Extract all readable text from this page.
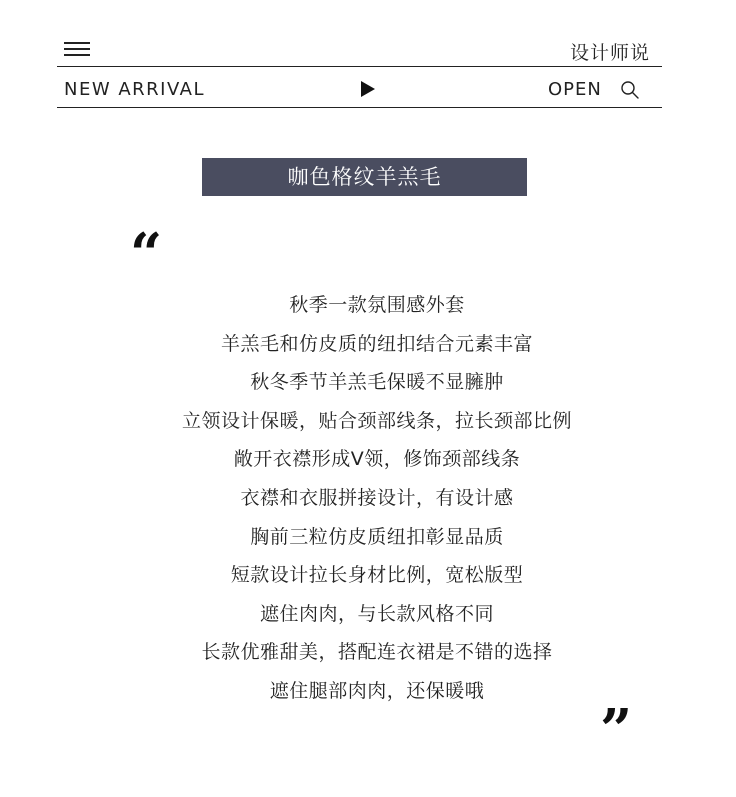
设计师说
NEW ARRIVAL	OPEN
咖色格纹羊羔毛
“
秋季一款氛围感外套
羊羔毛和仿皮质的纽扣结合元素丰富
秋冬季节羊羔毛保暖不显臃肿
立领设计保暖，贴合颈部线条，拉长颈部比例
敞开衣襟形成V领，修饰颈部线条
衣襟和衣服拼接设计，有设计感
胸前三粒仿皮质纽扣彰显品质
短款设计拉长身材比例，宽松版型
遮住肉肉，与长款风格不同
长款优雅甜美，搭配连衣裙是不错的选择
遮住腿部肉肉，还保暖哦
”
